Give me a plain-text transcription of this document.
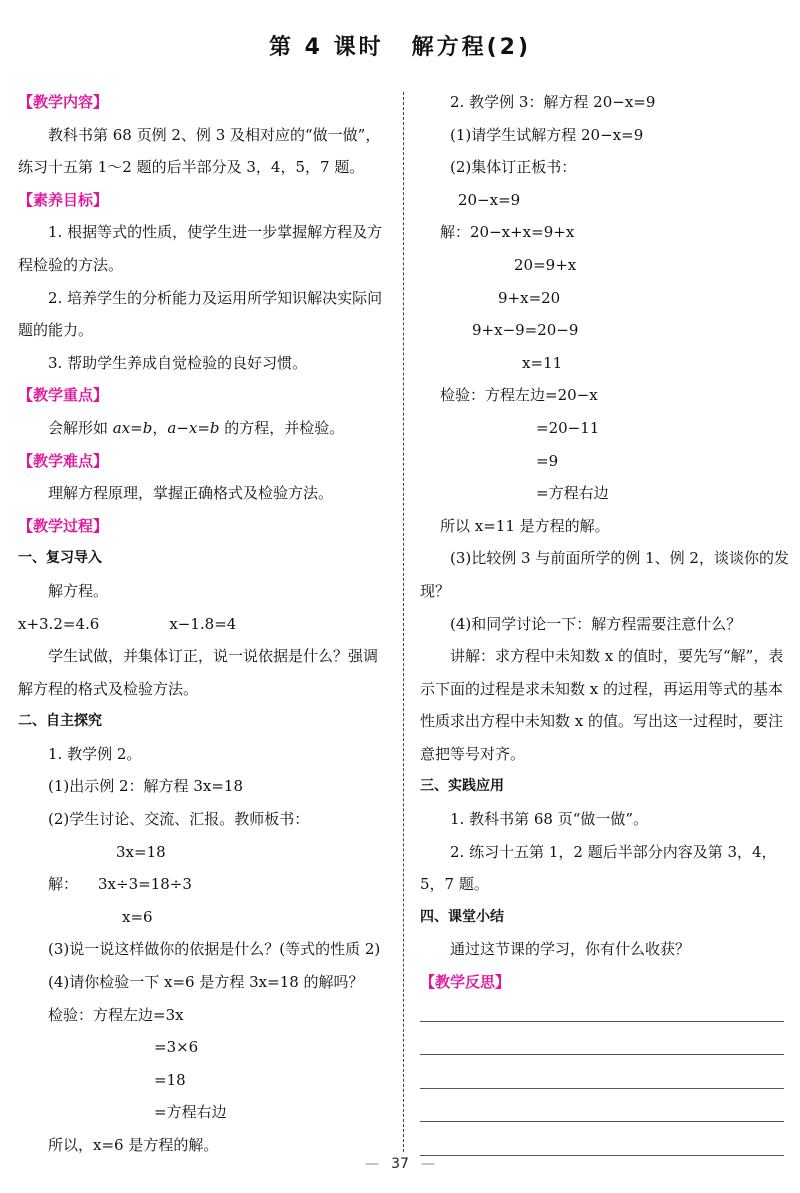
第 4 课时 解方程(2)

【教学内容】

教科书第 68 页例 2、例 3 及相对应的“做一做”，练习十五第 1～2 题的后半部分及 3，4，5，7 题。

【素养目标】

1. 根据等式的性质，使学生进一步掌握解方程及方程检验的方法。

2. 培养学生的分析能力及运用所学知识解决实际问题的能力。

3. 帮助学生养成自觉检验的良好习惯。

【教学重点】

会解形如 ax=b，a−x=b 的方程，并检验。

【教学难点】

理解方程原理，掌握正确格式及检验方法。

【教学过程】

一、复习导入

解方程。

x+3.2=4.6	x−1.8=4

学生试做，并集体订正，说一说依据是什么？强调解方程的格式及检验方法。

二、自主探究

1. 教学例 2。

(1)出示例 2：解方程 3x=18

(2)学生讨论、交流、汇报。教师板书：

3x=18

解： 3x÷3=18÷3

x=6

(3)说一说这样做你的依据是什么？(等式的性质 2)

(4)请你检验一下 x=6 是方程 3x=18 的解吗？

检验：方程左边=3x

=3×6

=18

=方程右边

所以，x=6 是方程的解。

2. 教学例 3：解方程 20−x=9

(1)请学生试解方程 20−x=9

(2)集体订正板书：

20−x=9

解：20−x+x=9+x

20=9+x

9+x=20

9+x−9=20−9

x=11

检验：方程左边=20−x

=20−11

=9

=方程右边

所以 x=11 是方程的解。

(3)比较例 3 与前面所学的例 1、例 2，谈谈你的发现？

(4)和同学讨论一下：解方程需要注意什么？

讲解：求方程中未知数 x 的值时，要先写“解”，表示下面的过程是求未知数 x 的过程，再运用等式的基本性质求出方程中未知数 x 的值。写出这一过程时，要注意把等号对齐。

三、实践应用

1. 教科书第 68 页“做一做”。

2. 练习十五第 1，2 题后半部分内容及第 3，4，5，7 题。

四、课堂小结

通过这节课的学习，你有什么收获？

【教学反思】

— 37 —
